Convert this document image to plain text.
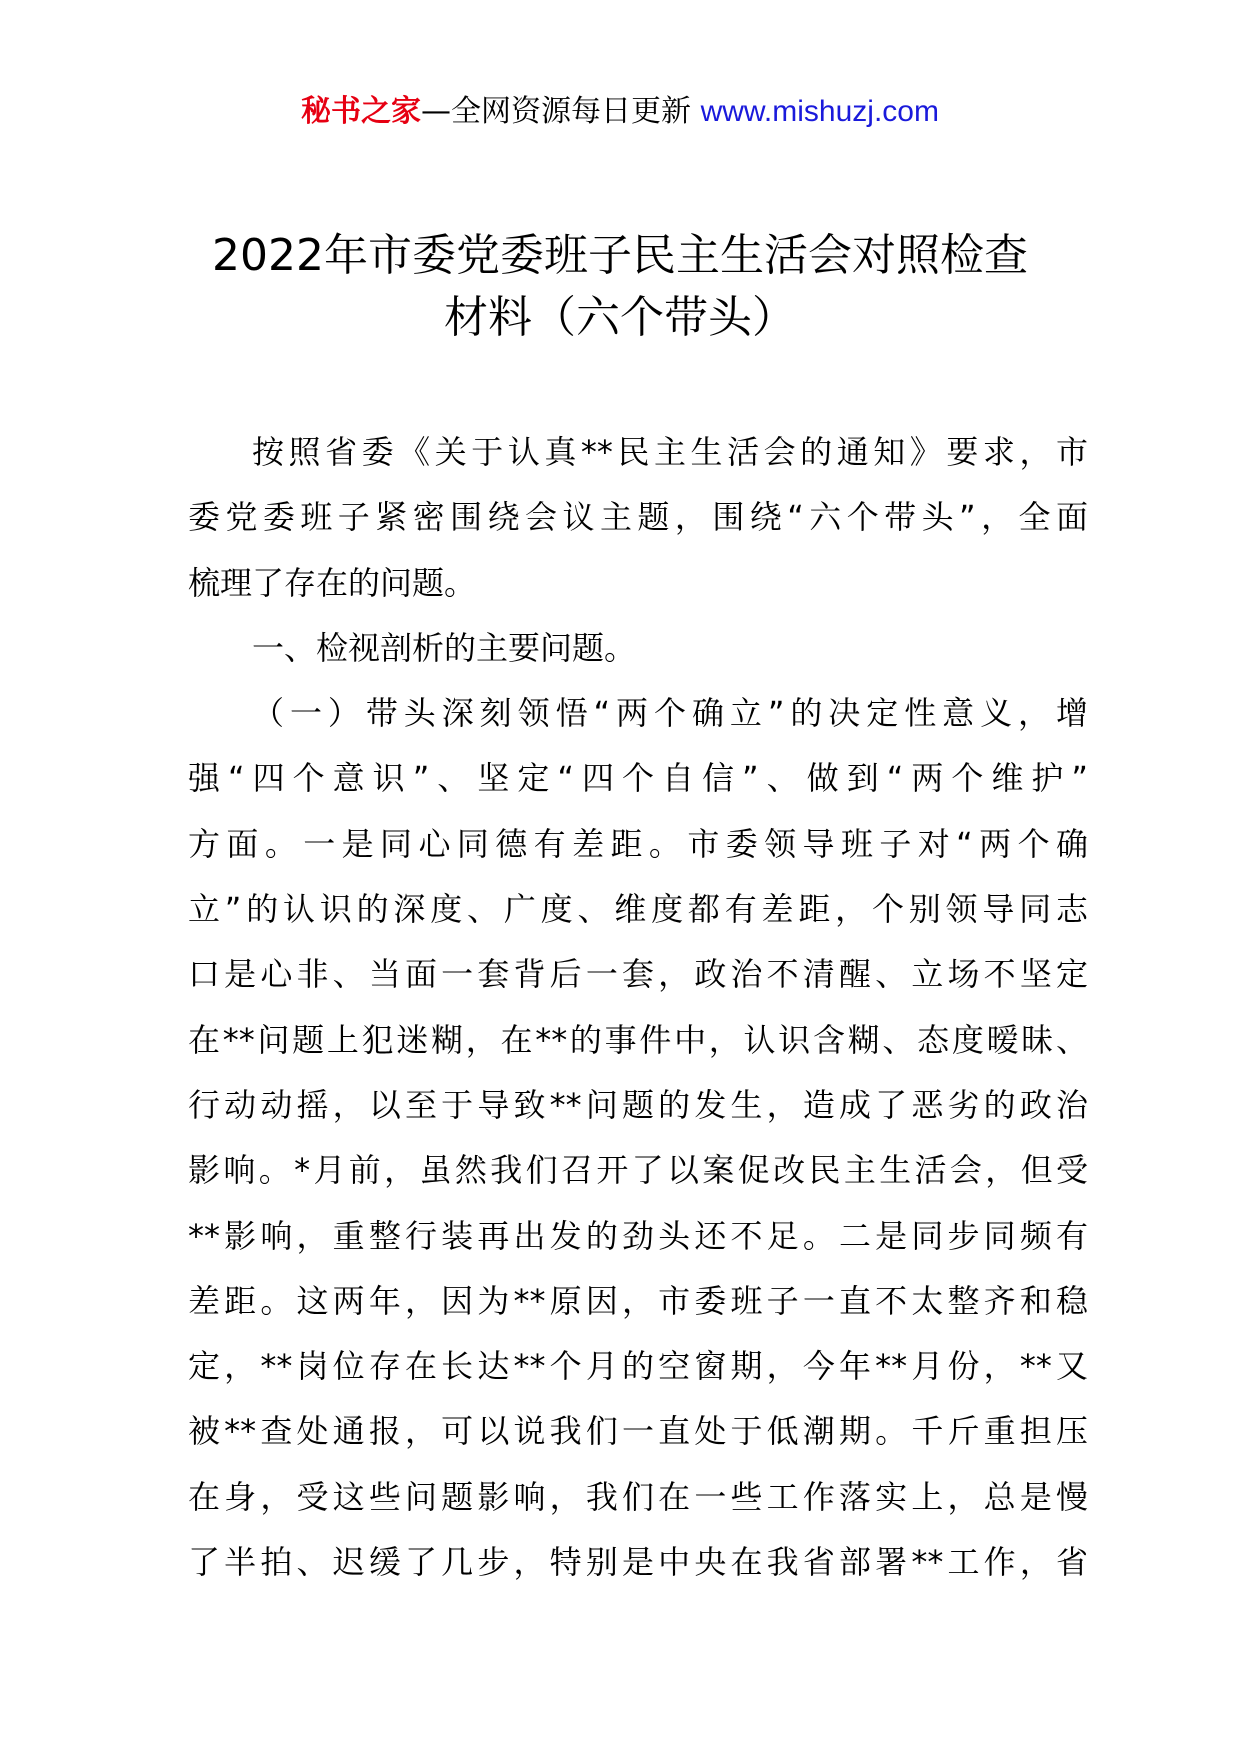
秘书之家—全网资源每日更新 www.mishuzj.com
2022年市委党委班子民主生活会对照检查
材料（六个带头）
按照省委《关于认真**民主生活会的通知》要求，市
委党委班子紧密围绕会议主题，围绕“六个带头”，全面
梳理了存在的问题。
一、检视剖析的主要问题。
（一）带头深刻领悟“两个确立”的决定性意义，增
强“四个意识”、坚定“四个自信”、做到“两个维护”
方面。一是同心同德有差距。市委领导班子对“两个确
立”的认识的深度、广度、维度都有差距，个别领导同志
口是心非、当面一套背后一套，政治不清醒、立场不坚定
在**问题上犯迷糊，在**的事件中，认识含糊、态度暧昧、
行动动摇，以至于导致**问题的发生，造成了恶劣的政治
影响。*月前，虽然我们召开了以案促改民主生活会，但受
**影响，重整行装再出发的劲头还不足。二是同步同频有
差距。这两年，因为**原因，市委班子一直不太整齐和稳
定，**岗位存在长达**个月的空窗期，今年**月份，**又
被**查处通报，可以说我们一直处于低潮期。千斤重担压
在身，受这些问题影响，我们在一些工作落实上，总是慢
了半拍、迟缓了几步，特别是中央在我省部署**工作，省
